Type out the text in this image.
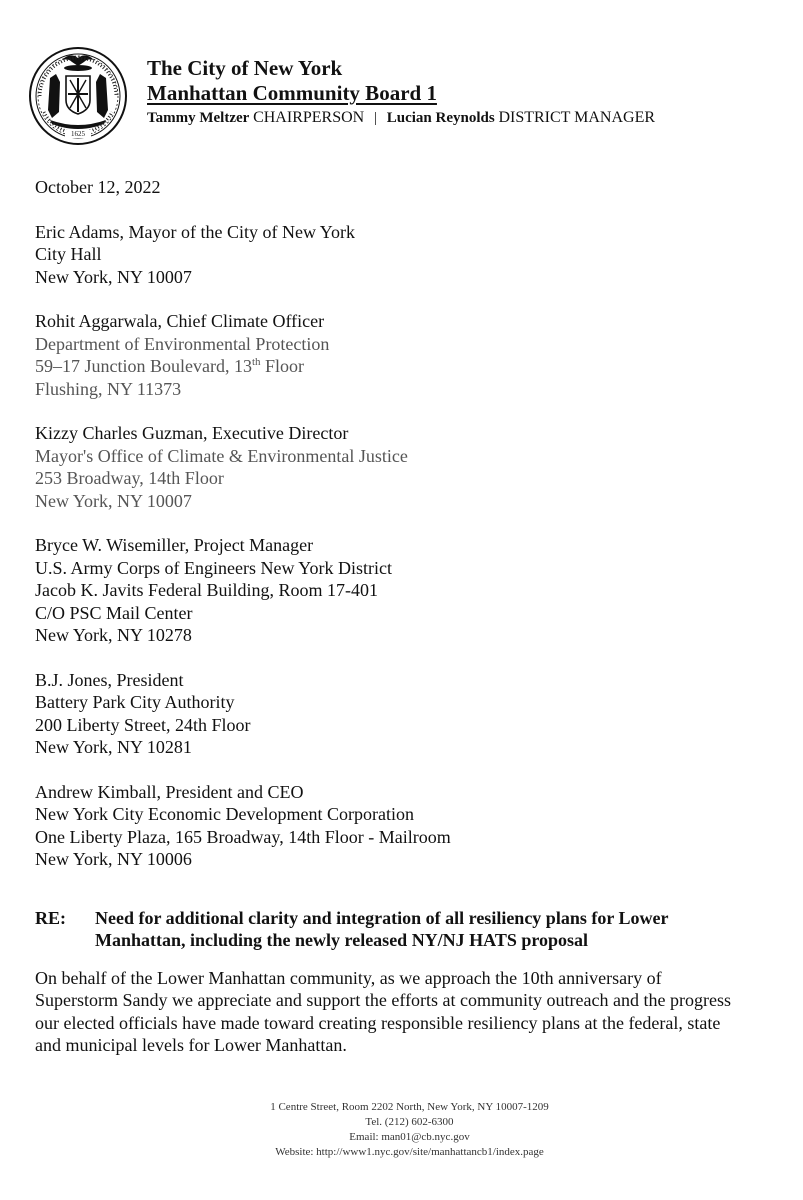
1625
The City of New York
Manhattan Community Board 1
Tammy Meltzer CHAIRPERSON | Lucian Reynolds DISTRICT MANAGER
October 12, 2022
Eric Adams, Mayor of the City of New York
City Hall
New York, NY 10007
Rohit Aggarwala, Chief Climate Officer
Department of Environmental Protection
59–17 Junction Boulevard, 13th Floor
Flushing, NY 11373
Kizzy Charles Guzman, Executive Director
Mayor's Office of Climate & Environmental Justice
253 Broadway, 14th Floor
New York, NY 10007
Bryce W. Wisemiller, Project Manager
U.S. Army Corps of Engineers New York District
Jacob K. Javits Federal Building, Room 17-401
C/O PSC Mail Center
New York, NY 10278
B.J. Jones, President
Battery Park City Authority
200 Liberty Street, 24th Floor
New York, NY 10281
Andrew Kimball, President and CEO
New York City Economic Development Corporation
One Liberty Plaza, 165 Broadway, 14th Floor - Mailroom
New York, NY 10006
RE:	Need for additional clarity and integration of all resiliency plans for Lower
Manhattan, including the newly released NY/NJ HATS proposal
On behalf of the Lower Manhattan community, as we approach the 10th anniversary of
Superstorm Sandy we appreciate and support the efforts at community outreach and the progress
our elected officials have made toward creating responsible resiliency plans at the federal, state
and municipal levels for Lower Manhattan.
1 Centre Street, Room 2202 North, New York, NY 10007-1209
Tel. (212) 602-6300
Email: man01@cb.nyc.gov
Website: http://www1.nyc.gov/site/manhattancb1/index.page
